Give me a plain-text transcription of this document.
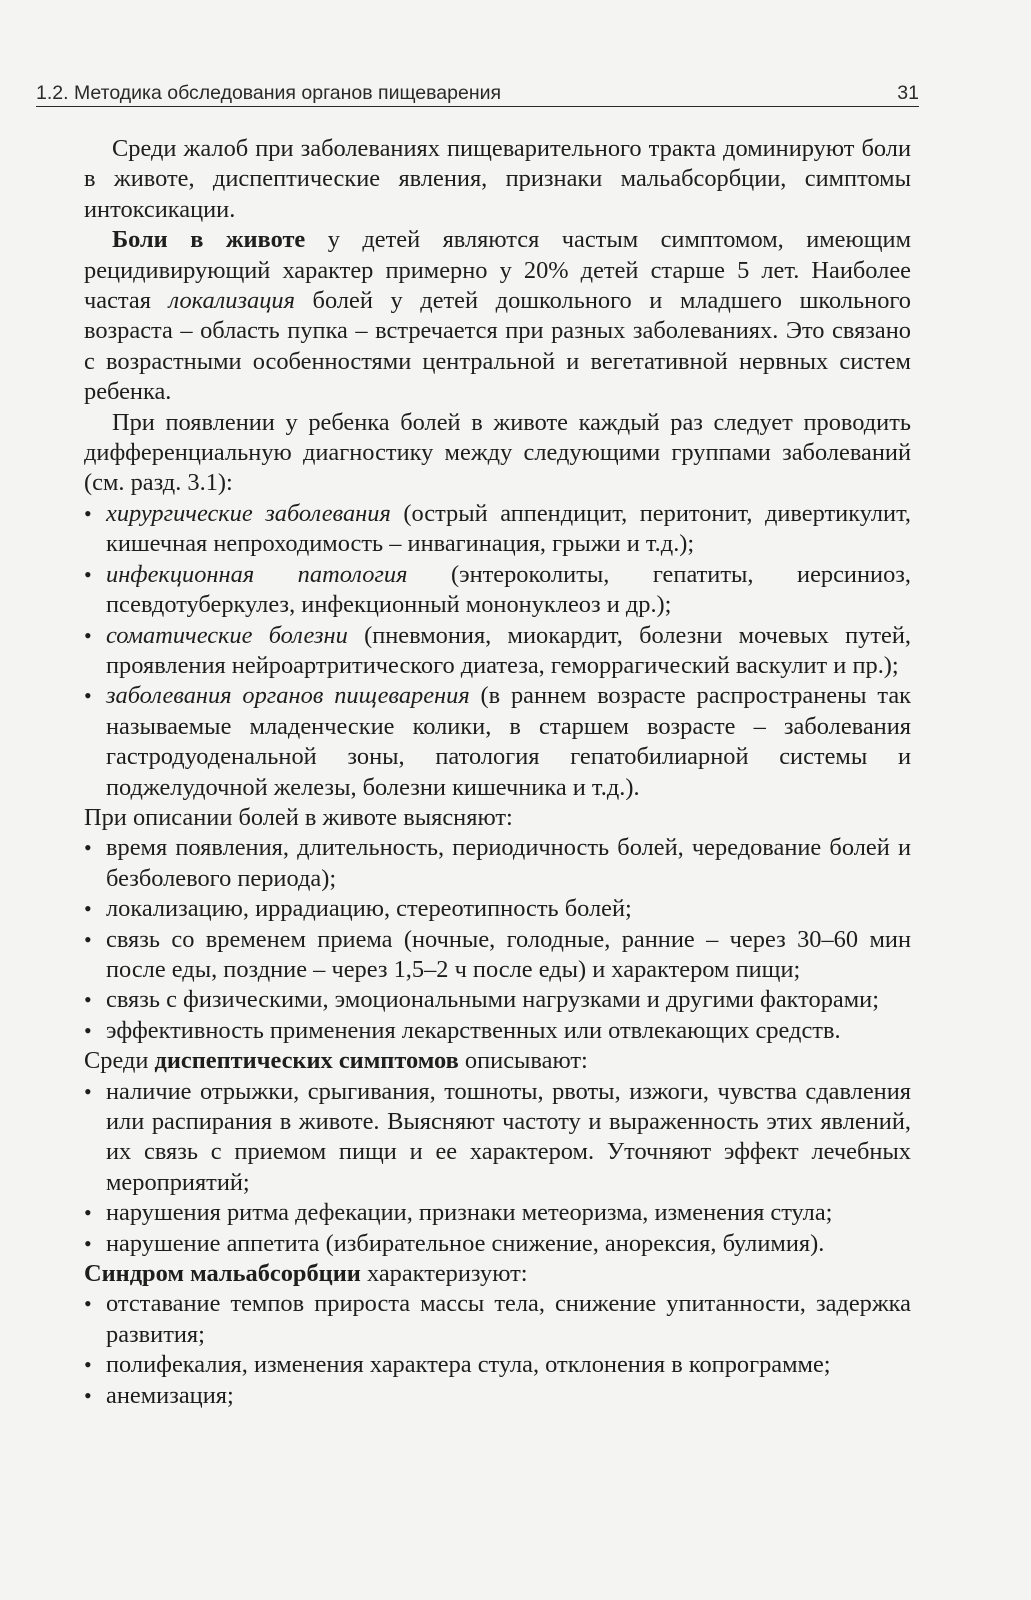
1.2. Методика обследования органов пищеварения	31

Среди жалоб при заболеваниях пищеварительного тракта доминируют боли в животе, диспептические явления, признаки мальабсорбции, симптомы интоксикации.

Боли в животе у детей являются частым симптомом, имеющим рецидивирующий характер примерно у 20% детей старше 5 лет. Наиболее частая локализация болей у детей дошкольного и младшего школьного возраста – область пупка – встречается при разных заболеваниях. Это связано с возрастными особенностями центральной и вегетативной нервных систем ребенка.

При появлении у ребенка болей в животе каждый раз следует проводить дифференциальную диагностику между следующими группами заболеваний (см. разд. 3.1):

• хирургические заболевания (острый аппендицит, перитонит, дивертикулит, кишечная непроходимость – инвагинация, грыжи и т.д.);
• инфекционная патология (энтероколиты, гепатиты, иерсиниоз, псевдотуберкулез, инфекционный мононуклеоз и др.);
• соматические болезни (пневмония, миокардит, болезни мочевых путей, проявления нейроартритического диатеза, геморрагический васкулит и пр.);
• заболевания органов пищеварения (в раннем возрасте распространены так называемые младенческие колики, в старшем возрасте – заболевания гастродуоденальной зоны, патология гепатобилиарной системы и поджелудочной железы, болезни кишечника и т.д.).

При описании болей в животе выясняют:

• время появления, длительность, периодичность болей, чередование болей и безболевого периода);
• локализацию, иррадиацию, стереотипность болей;
• связь со временем приема (ночные, голодные, ранние – через 30–60 мин после еды, поздние – через 1,5–2 ч после еды) и характером пищи;
• связь с физическими, эмоциональными нагрузками и другими факторами;
• эффективность применения лекарственных или отвлекающих средств.

Среди диспептических симптомов описывают:

• наличие отрыжки, срыгивания, тошноты, рвоты, изжоги, чувства сдавления или распирания в животе. Выясняют частоту и выраженность этих явлений, их связь с приемом пищи и ее характером. Уточняют эффект лечебных мероприятий;
• нарушения ритма дефекации, признаки метеоризма, изменения стула;
• нарушение аппетита (избирательное снижение, анорексия, булимия).

Синдром мальабсорбции характеризуют:

• отставание темпов прироста массы тела, снижение упитанности, задержка развития;
• полифекалия, изменения характера стула, отклонения в копрограмме;
• анемизация;
